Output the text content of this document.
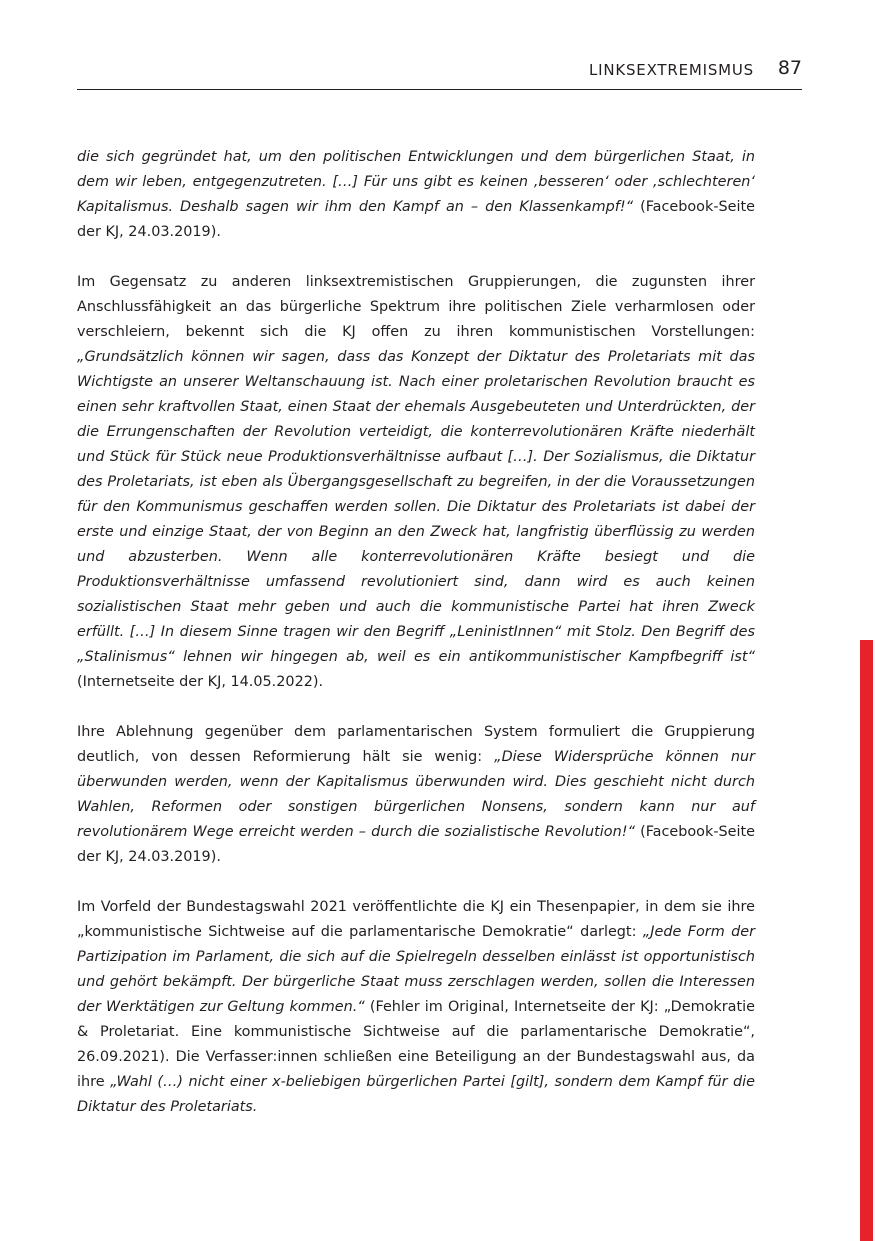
LINKSEXTREMISMUS 87

die sich gegründet hat, um den politischen Entwicklungen und dem bürgerlichen Staat, in dem wir leben, entgegenzutreten. […] Für uns gibt es keinen ‚besseren‘ oder ‚schlechteren‘ Kapitalismus. Deshalb sagen wir ihm den Kampf an – den Klassenkampf!“ (Facebook-Seite der KJ, 24.03.2019).

Im Gegensatz zu anderen linksextremistischen Gruppierungen, die zugunsten ihrer Anschlussfähigkeit an das bürgerliche Spektrum ihre politischen Ziele verharmlosen oder verschleiern, bekennt sich die KJ offen zu ihren kommunistischen Vorstellungen: „Grundsätzlich können wir sagen, dass das Konzept der Diktatur des Proletariats mit das Wichtigste an unserer Weltanschauung ist. Nach einer proletarischen Revolution braucht es einen sehr kraftvollen Staat, einen Staat der ehemals Ausgebeuteten und Unterdrückten, der die Errungenschaften der Revolution verteidigt, die konterrevolutionären Kräfte niederhält und Stück für Stück neue Produktionsverhältnisse aufbaut […]. Der Sozialismus, die Diktatur des Proletariats, ist eben als Übergangsgesellschaft zu begreifen, in der die Voraussetzungen für den Kommunismus geschaffen werden sollen. Die Diktatur des Proletariats ist dabei der erste und einzige Staat, der von Beginn an den Zweck hat, langfristig überflüssig zu werden und abzusterben. Wenn alle konterrevolutionären Kräfte besiegt und die Produktionsverhältnisse umfassend revolutioniert sind, dann wird es auch keinen sozialistischen Staat mehr geben und auch die kommunistische Partei hat ihren Zweck erfüllt. […] In diesem Sinne tragen wir den Begriff „LeninistInnen“ mit Stolz. Den Begriff des „Stalinismus“ lehnen wir hingegen ab, weil es ein antikommunistischer Kampfbegriff ist“ (Internetseite der KJ, 14.05.2022).

Ihre Ablehnung gegenüber dem parlamentarischen System formuliert die Gruppierung deutlich, von dessen Reformierung hält sie wenig: „Diese Widersprüche können nur überwunden werden, wenn der Kapitalismus überwunden wird. Dies geschieht nicht durch Wahlen, Reformen oder sonstigen bürgerlichen Nonsens, sondern kann nur auf revolutionärem Wege erreicht werden – durch die sozialistische Revolution!“ (Facebook-Seite der KJ, 24.03.2019).

Im Vorfeld der Bundestagswahl 2021 veröffentlichte die KJ ein Thesenpapier, in dem sie ihre „kommunistische Sichtweise auf die parlamentarische Demokratie“ darlegt: „Jede Form der Partizipation im Parlament, die sich auf die Spielregeln desselben einlässt ist opportunistisch und gehört bekämpft. Der bürgerliche Staat muss zerschlagen werden, sollen die Interessen der Werktätigen zur Geltung kommen.“ (Fehler im Original, Internetseite der KJ: „Demokratie & Proletariat. Eine kommunistische Sichtweise auf die parlamentarische Demokratie“, 26.09.2021). Die Verfasser:innen schließen eine Beteiligung an der Bundestagswahl aus, da ihre „Wahl (…) nicht einer x-beliebigen bürgerlichen Partei [gilt], sondern dem Kampf für die Diktatur des Proletariats.
